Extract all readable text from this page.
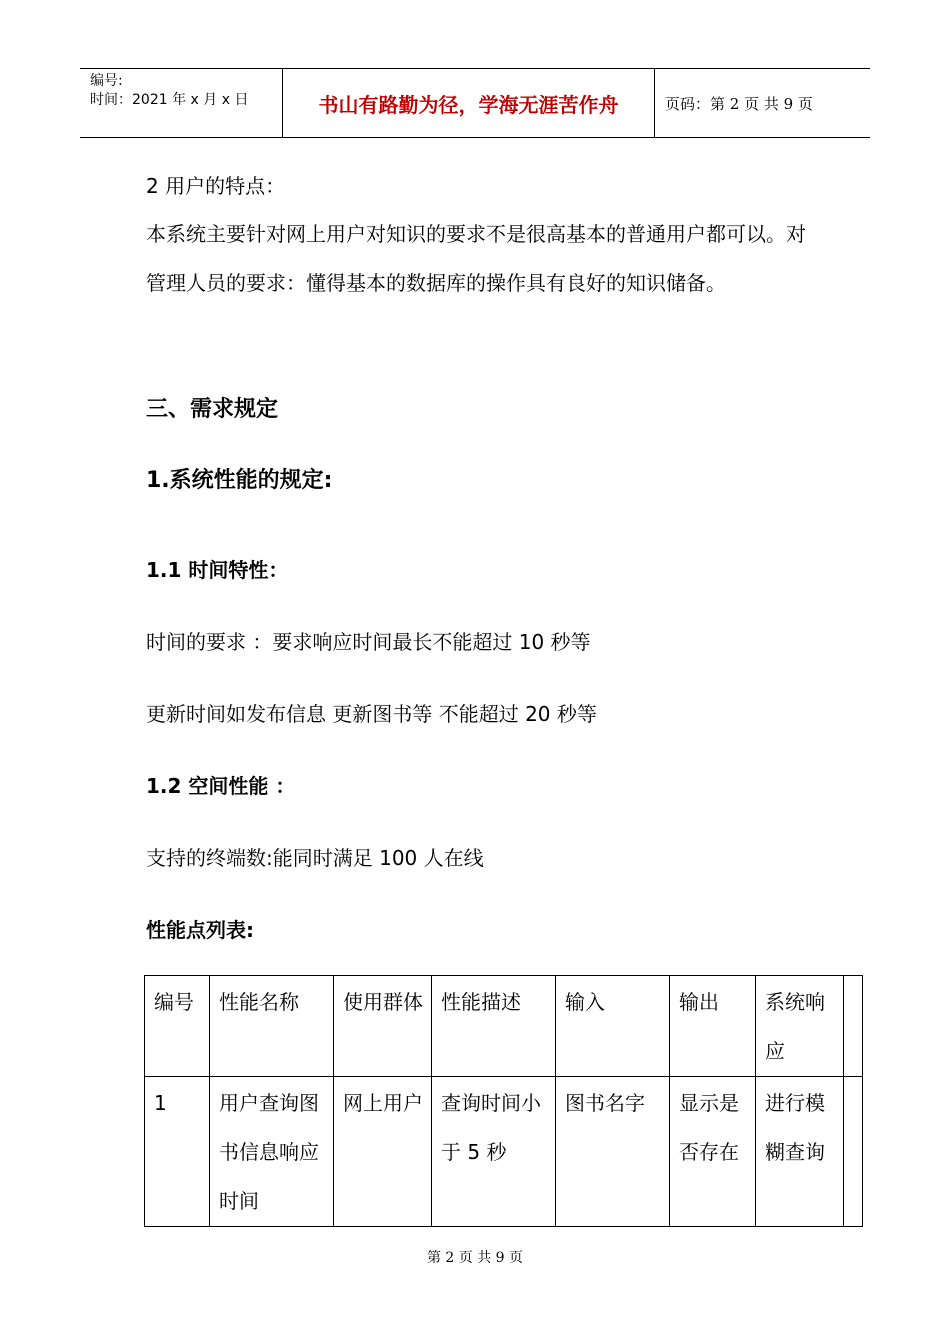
编号:
时间：2021 年 x 月 x 日	书山有路勤为径，学海无涯苦作舟	页码：第 2 页 共 9 页
2 用户的特点：
本系统主要针对网上用户对知识的要求不是很高基本的普通用户都可以。对管理人员的要求：懂得基本的数据库的操作具有良好的知识储备。
三、需求规定
1.系统性能的规定:
1.1 时间特性：
时间的要求 ：要求响应时间最长不能超过 10 秒等
更新时间如发布信息 更新图书等 不能超过 20 秒等
1.2 空间性能 ：
支持的终端数:能同时满足 100 人在线
性能点列表:
编号	性能名称	使用群体	性能描述	输入	输出	系统响应	
1	用户查询图书信息响应时间	网上用户	查询时间小于 5 秒	图书名字	显示是否存在	进行模糊查询	
第 2 页 共 9 页
